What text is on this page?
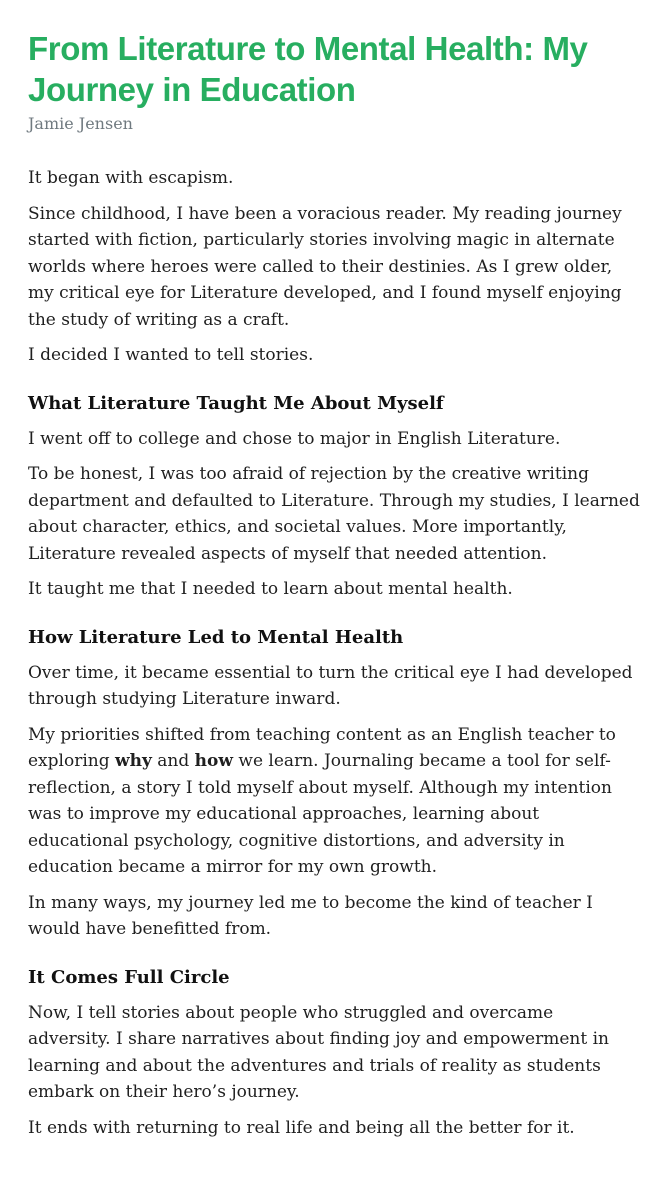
From Literature to Mental Health: My Journey in Education
Jamie Jensen

It began with escapism.

Since childhood, I have been a voracious reader. My reading journey started with fiction, particularly stories involving magic in alternate worlds where heroes were called to their destinies. As I grew older, my critical eye for Literature developed, and I found myself enjoying the study of writing as a craft.

I decided I wanted to tell stories.

What Literature Taught Me About Myself

I went off to college and chose to major in English Literature.

To be honest, I was too afraid of rejection by the creative writing department and defaulted to Literature. Through my studies, I learned about character, ethics, and societal values. More importantly, Literature revealed aspects of myself that needed attention.

It taught me that I needed to learn about mental health.

How Literature Led to Mental Health

Over time, it became essential to turn the critical eye I had developed through studying Literature inward.

My priorities shifted from teaching content as an English teacher to exploring why and how we learn. Journaling became a tool for self-reflection, a story I told myself about myself. Although my intention was to improve my educational approaches, learning about educational psychology, cognitive distortions, and adversity in education became a mirror for my own growth.

In many ways, my journey led me to become the kind of teacher I would have benefitted from.

It Comes Full Circle

Now, I tell stories about people who struggled and overcame adversity. I share narratives about finding joy and empowerment in learning and about the adventures and trials of reality as students embark on their hero’s journey.

It ends with returning to real life and being all the better for it.
